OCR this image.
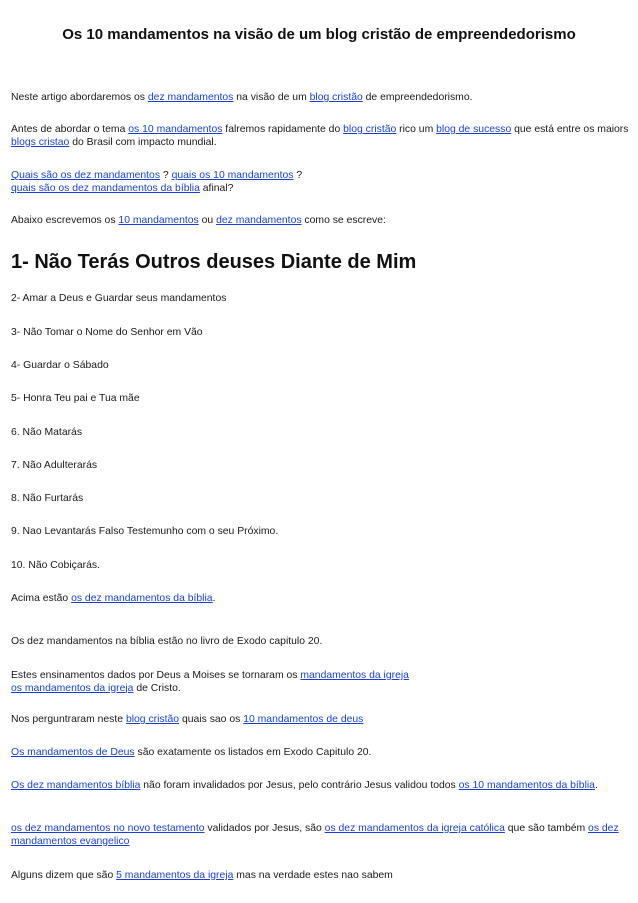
Os 10 mandamentos na visão de um blog cristão de empreendedorismo

Neste artigo abordaremos os dez mandamentos na visão de um blog cristão de empreendedorismo.

Antes de abordar o tema os 10 mandamentos falremos rapidamente do blog cristão rico um blog de sucesso que está entre os maiors blogs cristao do Brasil com impacto mundial.

Quais são os dez mandamentos ? quais os 10 mandamentos ?
quais são os dez mandamentos da bíblia afinal?

Abaixo escrevemos os 10 mandamentos ou dez mandamentos como se escreve:

1- Não Terás Outros deuses Diante de Mim

2- Amar a Deus e Guardar seus mandamentos

3- Não Tomar o Nome do Senhor em Vão

4- Guardar o Sábado

5- Honra Teu pai e Tua mãe

6. Não Matarás

7. Não Adulterarás

8. Não Furtarás

9. Nao Levantarás Falso Testemunho com o seu Próximo.

10. Não Cobiçarás.

Acima estão os dez mandamentos da bíblia.

Os dez mandamentos na bíblia estão no livro de Exodo capitulo 20.

Estes ensinamentos dados por Deus a Moises se tornaram os mandamentos da igreja
os mandamentos da igreja de Cristo.

Nos perguntraram neste blog cristão quais sao os 10 mandamentos de deus

Os mandamentos de Deus são exatamente os listados em Exodo Capitulo 20.

Os dez mandamentos bíblia não foram invalidados por Jesus, pelo contrário Jesus validou todos os 10 mandamentos da bíblia.

os dez mandamentos no novo testamento validados por Jesus, são os dez mandamentos da igreja católica que são também os dez mandamentos evangelico

Alguns dizem que são 5 mandamentos da igreja mas na verdade estes nao sabem
